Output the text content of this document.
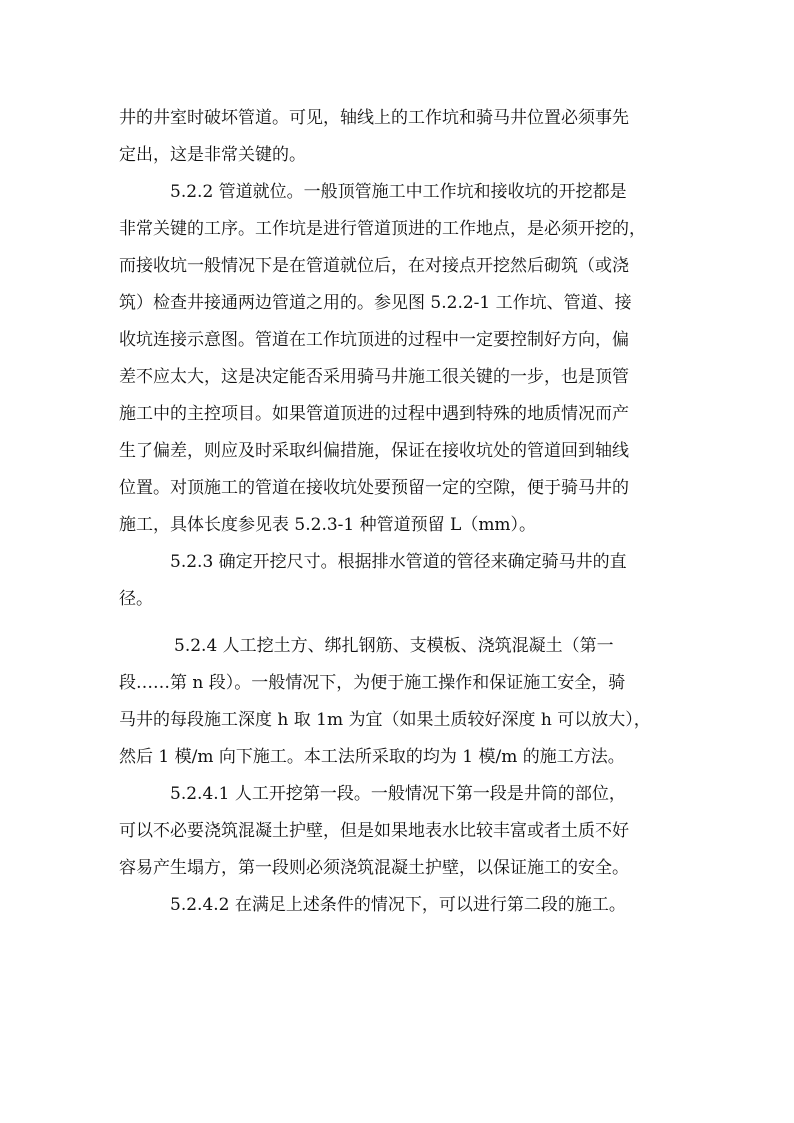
井的井室时破坏管道。可见，轴线上的工作坑和骑马井位置必须事先
定出，这是非常关键的。
5.2.2 管道就位。一般顶管施工中工作坑和接收坑的开挖都是
非常关键的工序。工作坑是进行管道顶进的工作地点，是必须开挖的，
而接收坑一般情况下是在管道就位后，在对接点开挖然后砌筑（或浇
筑）检查井接通两边管道之用的。参见图 5.2.2-1 工作坑、管道、接
收坑连接示意图。管道在工作坑顶进的过程中一定要控制好方向，偏
差不应太大，这是决定能否采用骑马井施工很关键的一步，也是顶管
施工中的主控项目。如果管道顶进的过程中遇到特殊的地质情况而产
生了偏差，则应及时采取纠偏措施，保证在接收坑处的管道回到轴线
位置。对顶施工的管道在接收坑处要预留一定的空隙，便于骑马井的
施工，具体长度参见表 5.2.3-1 种管道预留 L（mm）。
5.2.3 确定开挖尺寸。根据排水管道的管径来确定骑马井的直
径。
5.2.4 人工挖土方、绑扎钢筋、支模板、浇筑混凝土（第一
段……第 n 段）。一般情况下，为便于施工操作和保证施工安全，骑
马井的每段施工深度 h 取 1m 为宜（如果土质较好深度 h 可以放大），
然后 1 模/m 向下施工。本工法所采取的均为 1 模/m 的施工方法。
5.2.4.1 人工开挖第一段。一般情况下第一段是井筒的部位，
可以不必要浇筑混凝土护壁，但是如果地表水比较丰富或者土质不好
容易产生塌方，第一段则必须浇筑混凝土护壁，以保证施工的安全。
5.2.4.2 在满足上述条件的情况下，可以进行第二段的施工。
